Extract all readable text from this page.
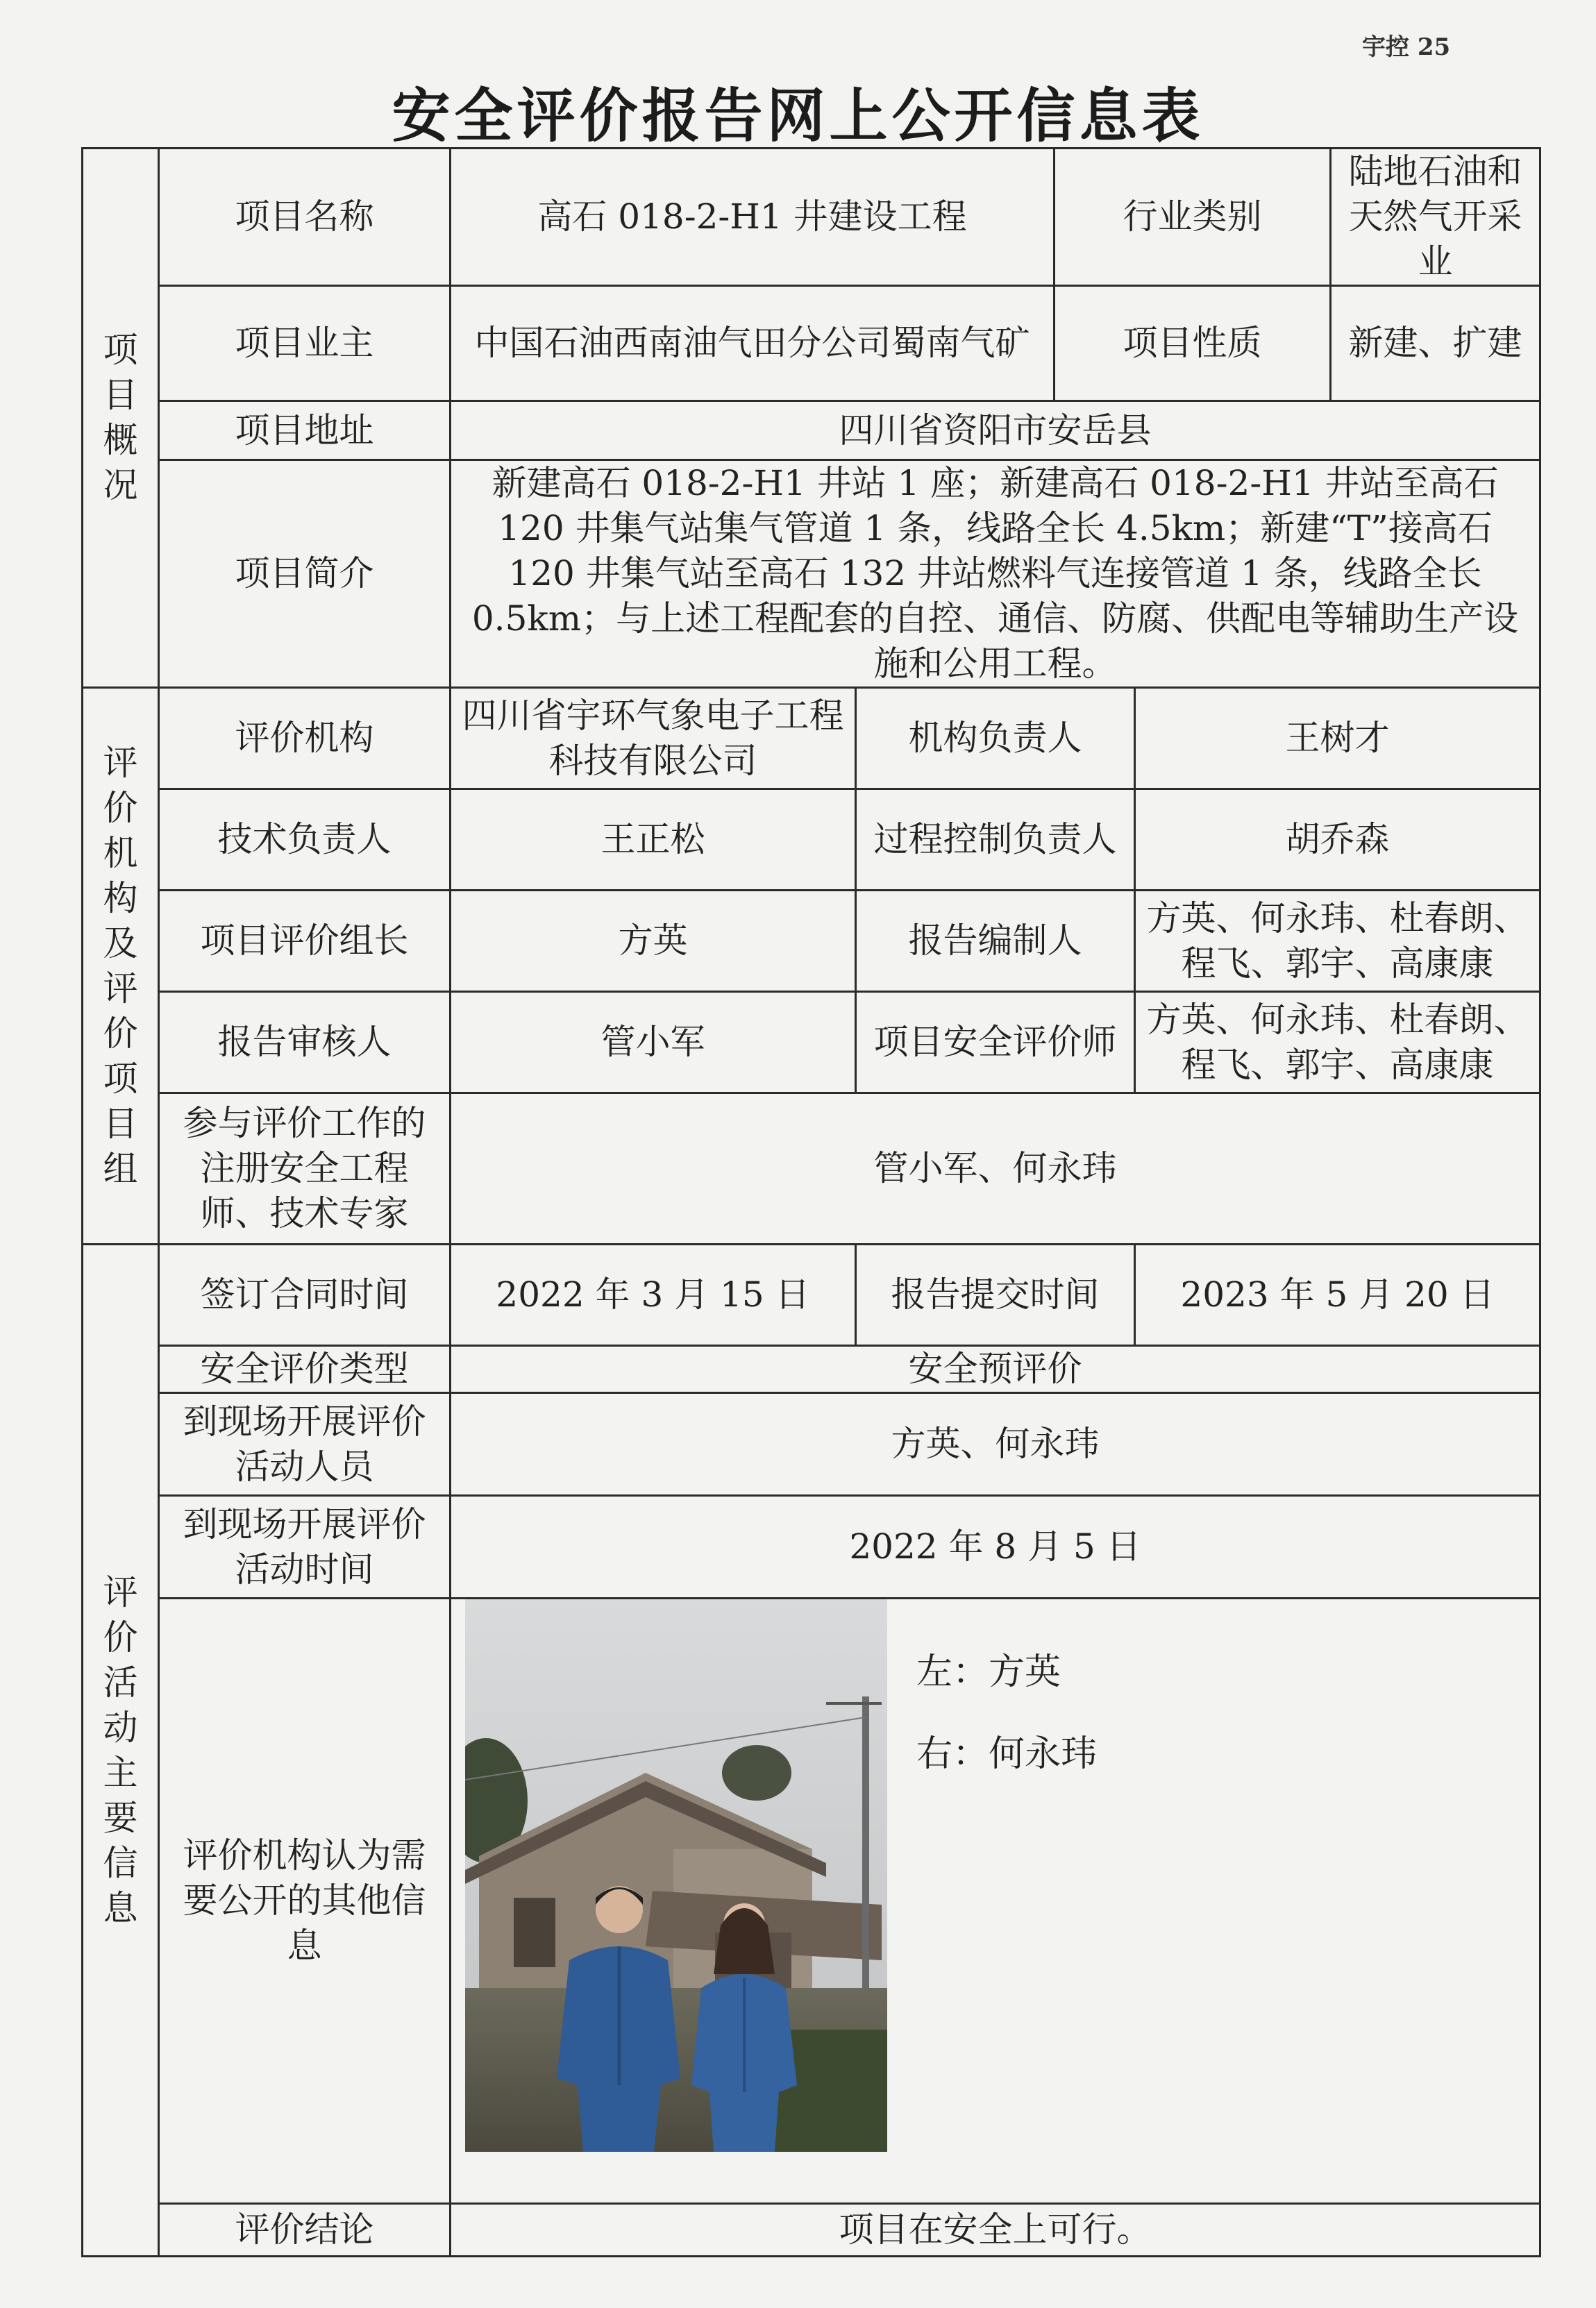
宇控 25
安全评价报告网上公开信息表
项目概况	项目名称	高石 018-2-H1 井建设工程		行业类别		陆地石油和天然气开采业
	项目业主	中国石油西南油气田分公司蜀南气矿		项目性质		新建、扩建
	项目地址	四川省资阳市安岳县				
	项目简介	新建高石 018-2-H1 井站 1 座；新建高石 018-2-H1 井站至高石 120 井集气站集气管道 1 条，线路全长 4.5km；新建“T”接高石 120 井集气站至高石 132 井站燃料气连接管道 1 条，线路全长 0.5km；与上述工程配套的自控、通信、防腐、供配电等辅助生产设施和公用工程。				
评价机构及评价项目组	评价机构	四川省宇环气象电子工程科技有限公司	机构负责人		王树才	
	技术负责人	王正松	过程控制负责人		胡乔森	
	项目评价组长	方英	报告编制人		方英、何永玮、杜春朗、程飞、郭宇、高康康	
	报告审核人	管小军	项目安全评价师		方英、何永玮、杜春朗、程飞、郭宇、高康康	
	参与评价工作的注册安全工程师、技术专家	管小军、何永玮				
评价活动主要信息	签订合同时间	2022 年 3 月 15 日	报告提交时间		2023 年 5 月 20 日	
	安全评价类型	安全预评价				
	到现场开展评价活动人员	方英、何永玮				
	到现场开展评价活动时间	2022 年 8 月 5 日				
	评价机构认为需要公开的其他信息	左：方英
右：何永玮				

	评价结论	项目在安全上可行。				
